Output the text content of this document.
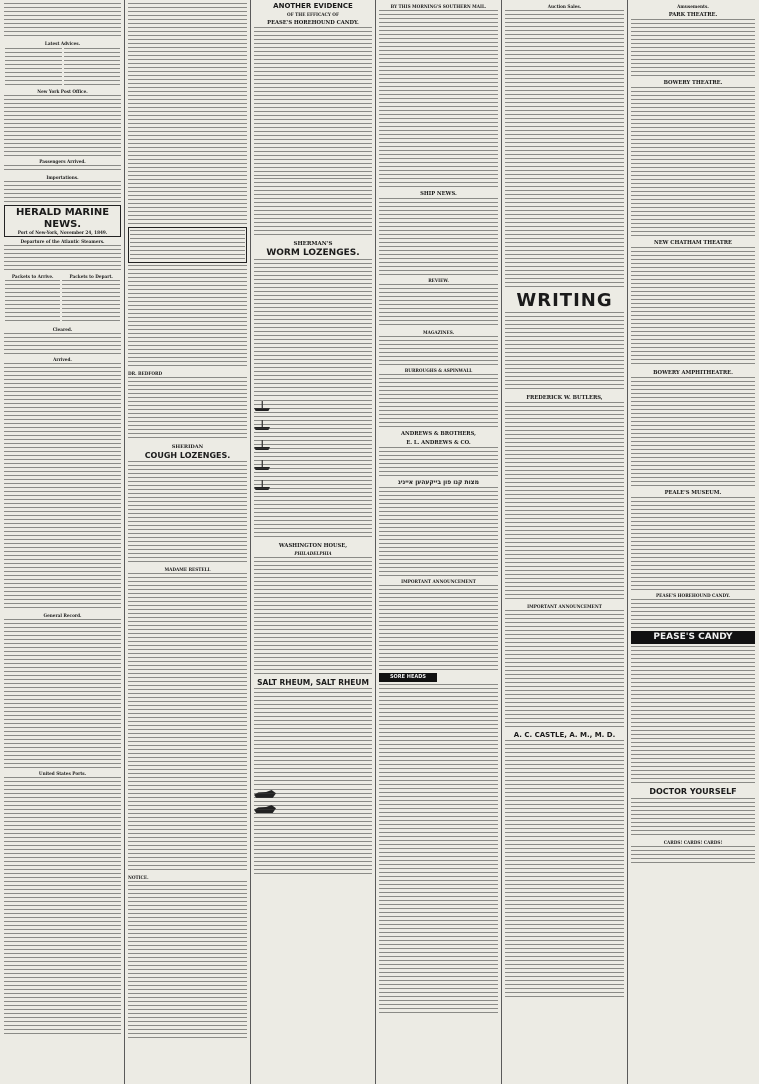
Latest Advices.

New York Post Office.
Passengers Arrived.
Importations.
HERALD MARINE NEWS.
Port of New-York, November 24, 1849.
Departure of the Atlantic Steamers.
Packets to Arrive.	Packets to Depart.

Cleared.
Arrived.
General Record.
United States Ports.
DR. BEDFORD
SHERIDAN
COUGH LOZENGES.
MADAME RESTELL
NOTICE.
ANOTHER EVIDENCE
OF THE EFFICACY OF
PEASE'S HOREHOUND CANDY.
SHERMAN'S
WORM LOZENGES.
WASHINGTON HOUSE,
PHILADELPHIA
SALT RHEUM, SALT RHEUM
BY THIS MORNING'S SOUTHERN MAIL.
SHIP NEWS.
REVIEW.
MAGAZINES.
BURROUGHS & ASPINWALL
ANDREWS & BROTHERS,
E. L. ANDREWS & CO.
מצות קנו פון בייקעהען אייניג
IMPORTANT ANNOUNCEMENT
SORE HEADS
Auction Sales.
WRITING
FREDERICK W. BUTLERS,
IMPORTANT ANNOUNCEMENT
A. C. CASTLE, A. M., M. D.
Amusements.
PARK THEATRE.
BOWERY THEATRE.
NEW CHATHAM THEATRE
BOWERY AMPHITHEATRE.
PEALE'S MUSEUM.
PEASE'S HOREHOUND CANDY.
PEASE'S CANDY
DOCTOR YOURSELF
CARDS! CARDS! CARDS!
